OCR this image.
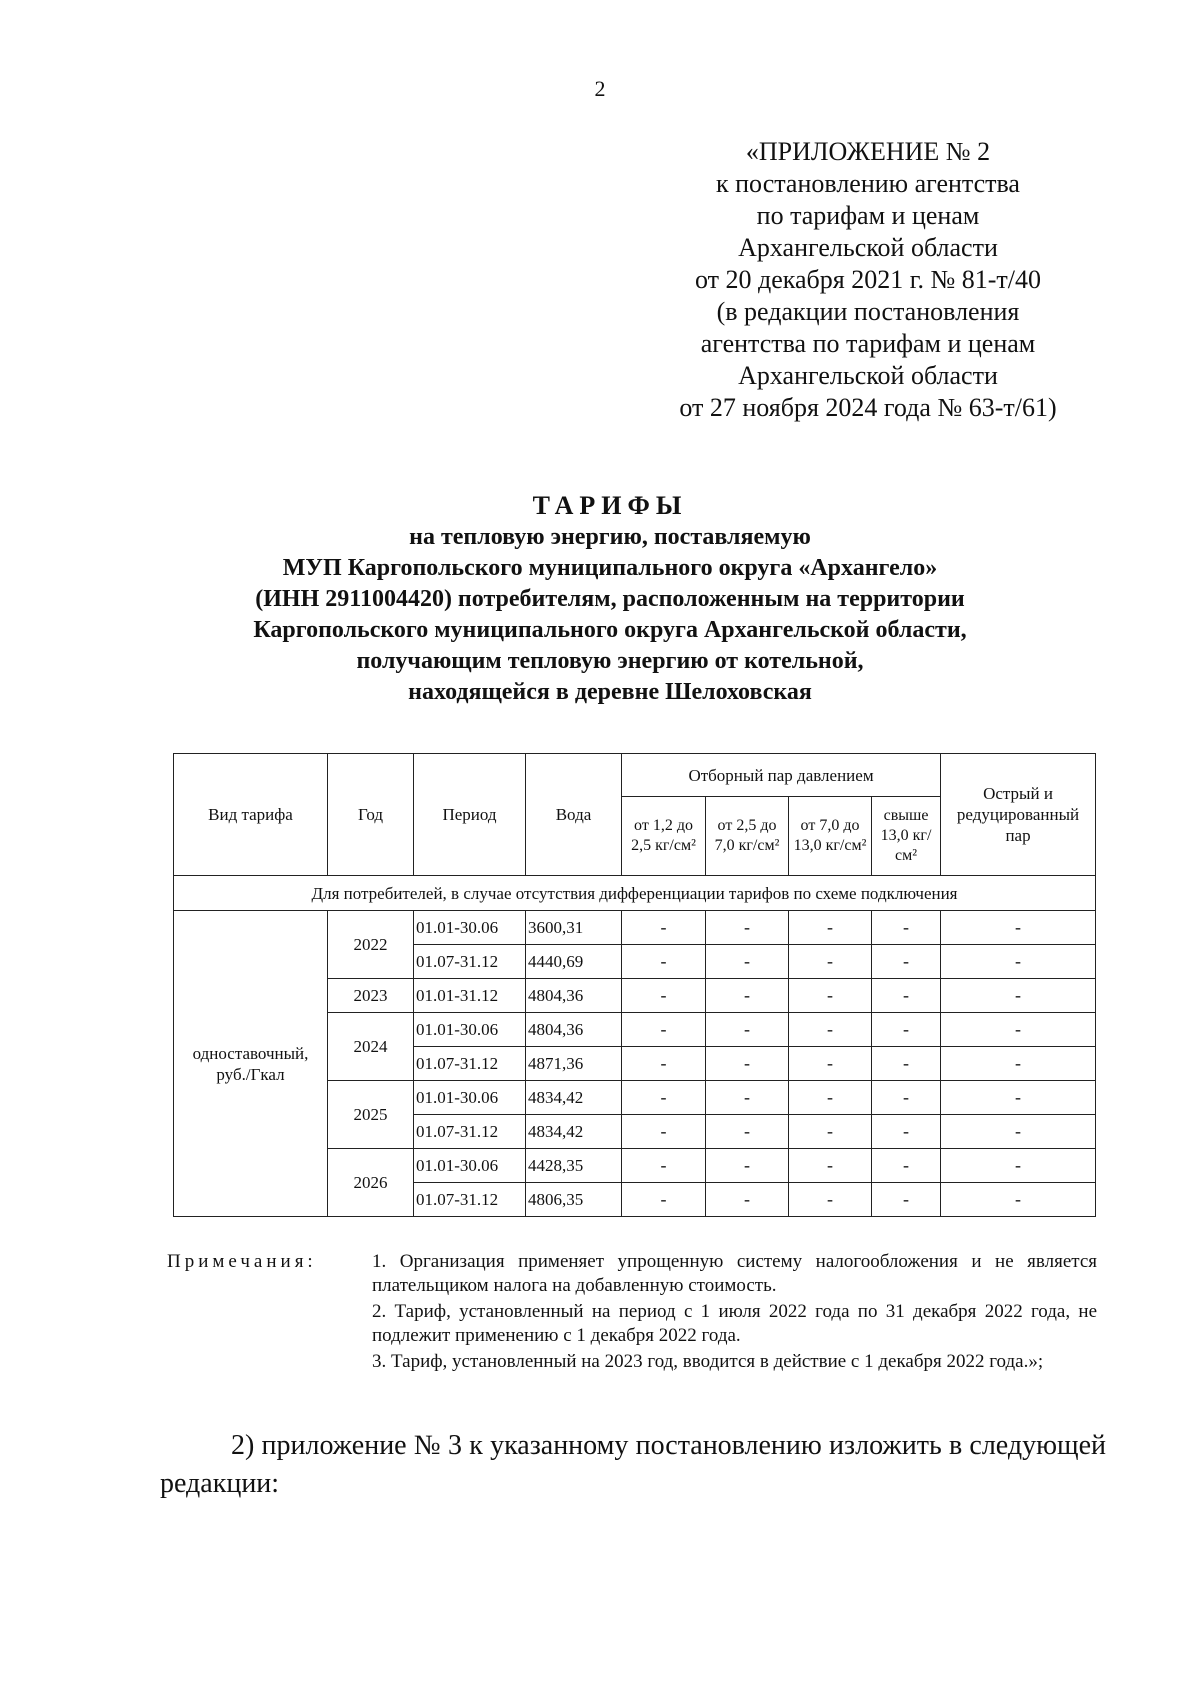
2
«ПРИЛОЖЕНИЕ № 2
к постановлению агентства
по тарифам и ценам
Архангельской области
от 20 декабря 2021 г. № 81-т/40
(в редакции постановления
агентства по тарифам и ценам
Архангельской области
от 27 ноября 2024 года № 63-т/61)
ТАРИФЫ
на тепловую энергию, поставляемую
МУП Каргопольского муниципального округа «Архангело»
(ИНН 2911004420) потребителям, расположенным на территории
Каргопольского муниципального округа Архангельской области,
получающим тепловую энергию от котельной,
находящейся в деревне Шелоховская
Вид тарифа	Год	Период	Вода	Отборный пар давлением				Острый и редуцированный пар
				от 1,2 до 2,5 кг/см²	от 2,5 до 7,0 кг/см²	от 7,0 до 13,0 кг/см²	свыше 13,0 кг/см²	
Для потребителей, в случае отсутствия дифференциации тарифов по схеме подключения								
одноставочный, руб./Гкал	2022	01.01-30.06	3600,31	-	-	-	-	-
		01.07-31.12	4440,69	-	-	-	-	-
	2023	01.01-31.12	4804,36	-	-	-	-	-
	2024	01.01-30.06	4804,36	-	-	-	-	-
		01.07-31.12	4871,36	-	-	-	-	-
	2025	01.01-30.06	4834,42	-	-	-	-	-
		01.07-31.12	4834,42	-	-	-	-	-
	2026	01.01-30.06	4428,35	-	-	-	-	-
		01.07-31.12	4806,35	-	-	-	-	-
Примечания:	1. Организация применяет упрощенную систему налогообложения и не является плательщиком налога на добавленную стоимость.
2. Тариф, установленный на период с 1 июля 2022 года по 31 декабря 2022 года, не подлежит применению с 1 декабря 2022 года.
3. Тариф, установленный на 2023 год, вводится в действие с 1 декабря 2022 года.»;
2) приложение № 3 к указанному постановлению изложить в следующей редакции:
